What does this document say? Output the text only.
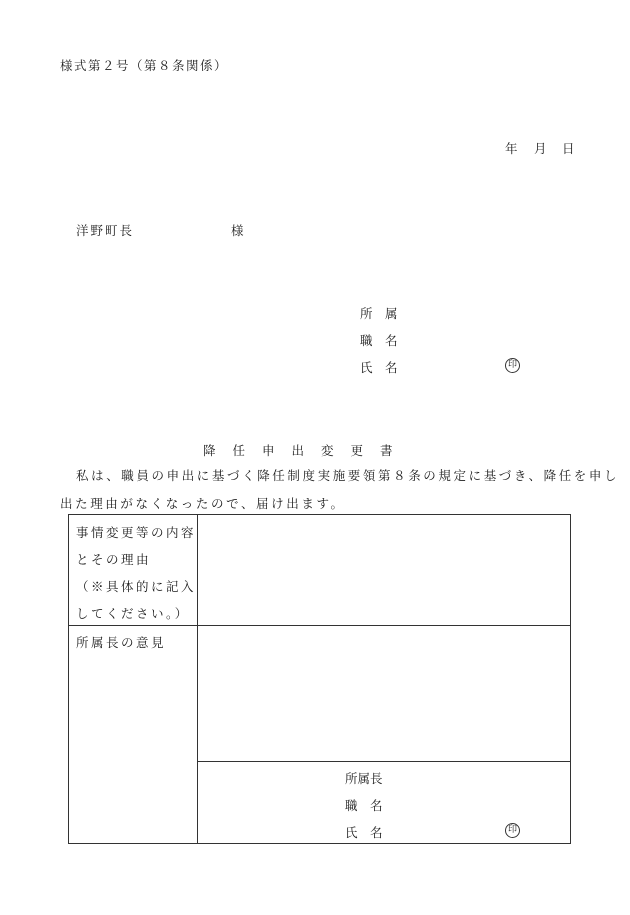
様式第２号（第８条関係）
年 月 日
洋野町長	様
所　属
職　名
氏　名	印
降任申出変更書
私は、職員の申出に基づく降任制度実施要領第８条の規定に基づき、降任を申し
出た理由がなくなったので、届け出ます。
事情変更等の内容
とその理由
（※具体的に記入
してください。）
所属長の意見
所属長
職　名
氏　名	印
